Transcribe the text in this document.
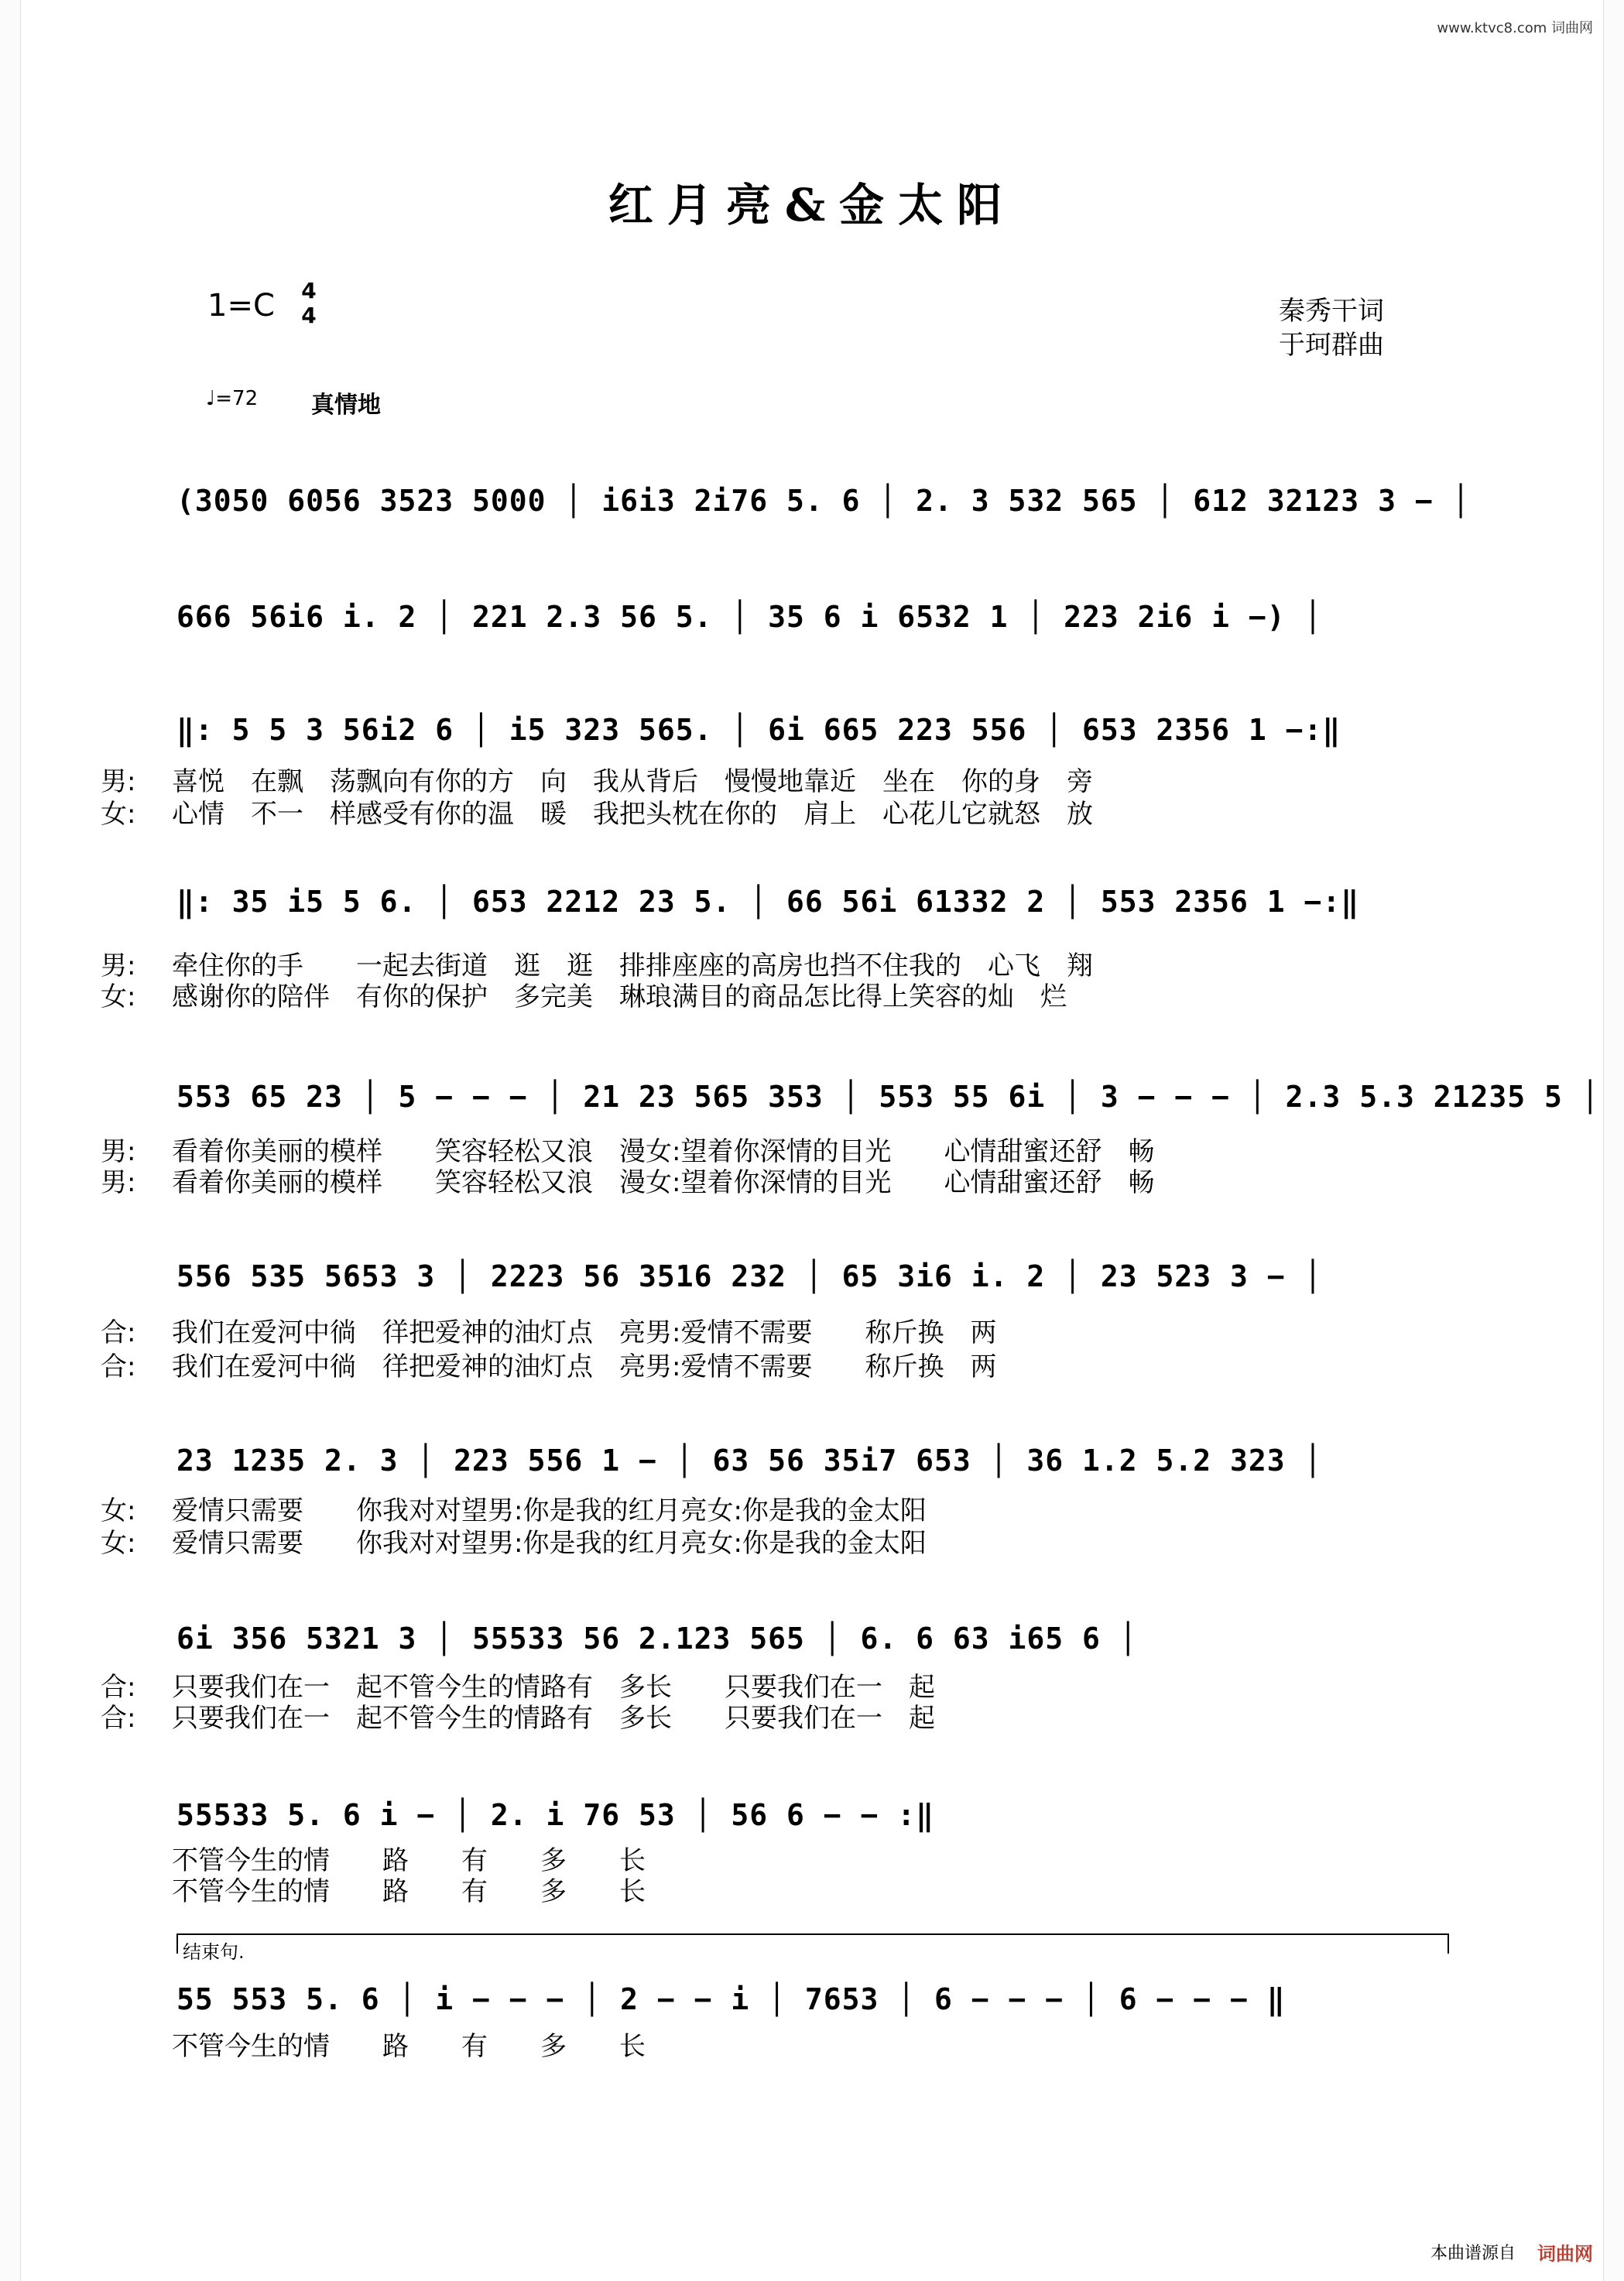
www.ktvc8.com 词曲网
红月亮&金太阳
1=C 4
4	秦秀干词
于珂群曲
♩=72 真情地
(3050 6056 3523 5000 │ i6i3 2i76 5. 6 │ 2. 3 532 565 │ 612 32123 3 − │
666 56i6 i. 2 │ 221 2.3 56 5. │ 35 6 i 6532 1 │ 223 2i6 i −) │
‖: 5 5 3 56i2 6 │ i5 323 565. │ 6i 665 223 556 │ 653 2356 1 −:‖
男: 喜悦　在飘　荡飘向有你的方　向　我从背后　慢慢地靠近　坐在　你的身　旁
女: 心情　不一　样感受有你的温　暖　我把头枕在你的　肩上　心花儿它就怒　放
‖: 35 i5 5 6. │ 653 2212 23 5. │ 66 56i 61332 2 │ 553 2356 1 −:‖
男: 牵住你的手　　一起去街道　逛　逛　排排座座的高房也挡不住我的　心飞　翔
女: 感谢你的陪伴　有你的保护　多完美　琳琅满目的商品怎比得上笑容的灿　烂
553 65 23 │ 5 − − − │ 21 23 565 353 │ 553 55 6i │ 3 − − − │ 2.3 5.3 21235 5 │
男: 看着你美丽的模样　　笑容轻松又浪　漫女:望着你深情的目光　　心情甜蜜还舒　畅
男: 看着你美丽的模样　　笑容轻松又浪　漫女:望着你深情的目光　　心情甜蜜还舒　畅
556 535 5653 3 │ 2223 56 3516 232 │ 65 3i6 i. 2 │ 23 523 3 − │
合: 我们在爱河中徜　徉把爱神的油灯点　亮男:爱情不需要　　称斤换　两
合: 我们在爱河中徜　徉把爱神的油灯点　亮男:爱情不需要　　称斤换　两
23 1235 2. 3 │ 223 556 1 − │ 63 56 35i7 653 │ 36 1.2 5.2 323 │
女: 爱情只需要　　你我对对望男:你是我的红月亮女:你是我的金太阳
女: 爱情只需要　　你我对对望男:你是我的红月亮女:你是我的金太阳
6i 356 5321 3 │ 55533 56 2.123 565 │ 6. 6 63 i65 6 │
合: 只要我们在一　起不管今生的情路有　多长　　只要我们在一　起
合: 只要我们在一　起不管今生的情路有　多长　　只要我们在一　起
55533 5. 6 i − │ 2. i 76 53 │ 56 6 − − :‖
不管今生的情　　路　　有　　多　　长
不管今生的情　　路　　有　　多　　长
结束句.
55 553 5. 6 │ i − − − │ 2 − − i │ 7653 │ 6 − − − │ 6 − − − ‖
不管今生的情　　路　　有　　多　　长
本曲谱源自 词曲网
